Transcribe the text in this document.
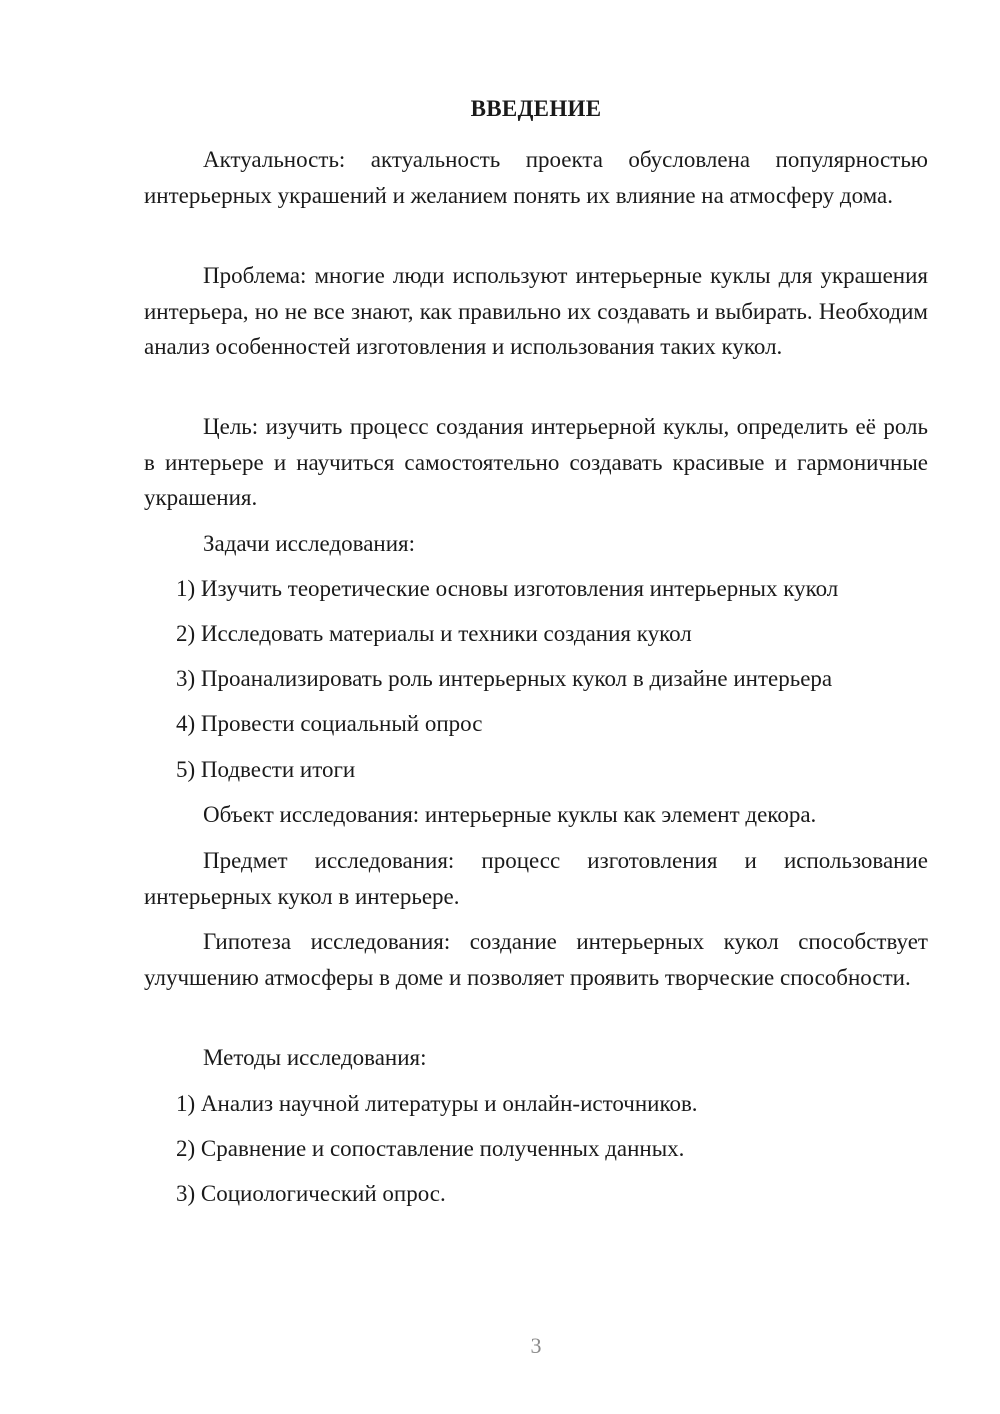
ВВЕДЕНИЕ

Актуальность: актуальность проекта обусловлена популярностью интерьерных украшений и желанием понять их влияние на атмосферу дома.

Проблема: многие люди используют интерьерные куклы для украшения интерьера, но не все знают, как правильно их создавать и выбирать. Необходим анализ особенностей изготовления и использования таких кукол.

Цель: изучить процесс создания интерьерной куклы, определить её роль в интерьере и научиться самостоятельно создавать красивые и гармоничные украшения.

Задачи исследования:

1) Изучить теоретические основы изготовления интерьерных кукол

2) Исследовать материалы и техники создания кукол

3) Проанализировать роль интерьерных кукол в дизайне интерьера

4) Провести социальный опрос

5) Подвести итоги

Объект исследования: интерьерные куклы как элемент декора.

Предмет исследования: процесс изготовления и использование интерьерных кукол в интерьере.

Гипотеза исследования: создание интерьерных кукол способствует улучшению атмосферы в доме и позволяет проявить творческие способности.

Методы исследования:

1) Анализ научной литературы и онлайн-источников.

2) Сравнение и сопоставление полученных данных.

3) Социологический опрос.

3
